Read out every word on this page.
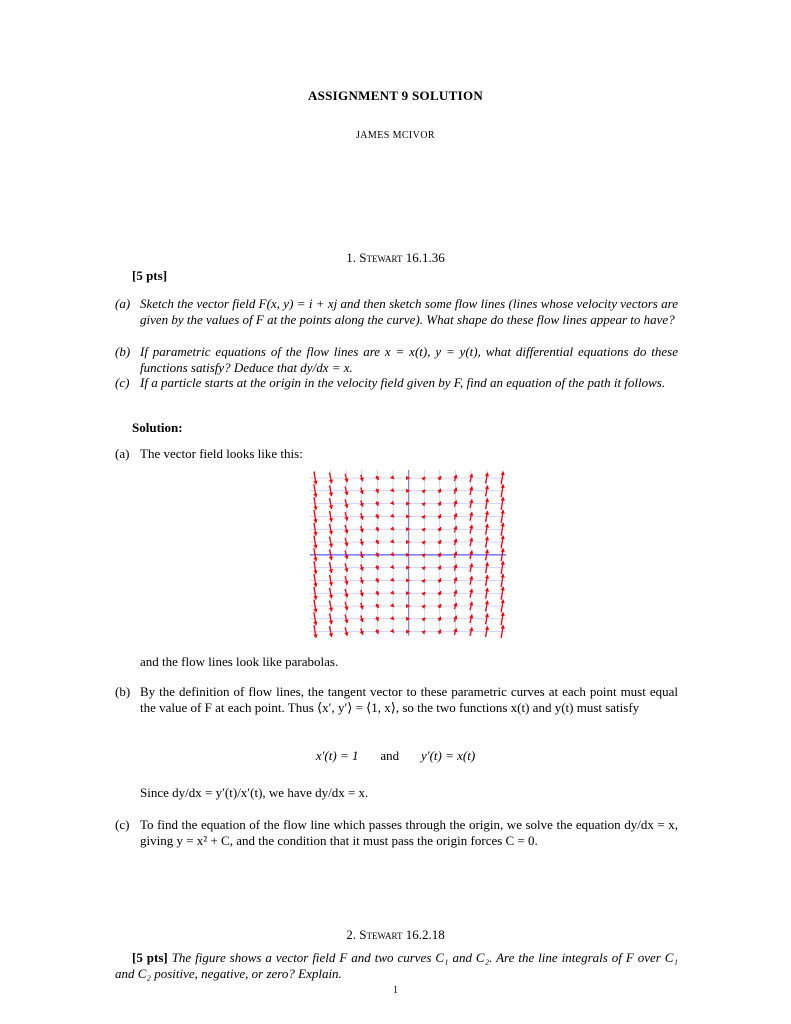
ASSIGNMENT 9 SOLUTION
JAMES MCIVOR
1. Stewart 16.1.36
[5 pts]
(a) Sketch the vector field F(x, y) = i + xj and then sketch some flow lines (lines whose velocity vectors are given by the values of F at the points along the curve). What shape do these flow lines appear to have?
(b) If parametric equations of the flow lines are x = x(t), y = y(t), what differential equations do these functions satisfy? Deduce that dy/dx = x.
(c) If a particle starts at the origin in the velocity field given by F, find an equation of the path it follows.
Solution:
(a) The vector field looks like this:
and the flow lines look like parabolas.
(b) By the definition of flow lines, the tangent vector to these parametric curves at each point must equal the value of F at each point. Thus ⟨x′, y′⟩ = ⟨1, x⟩, so the two functions x(t) and y(t) must satisfy
x′(t) = 1 and y′(t) = x(t)
Since dy/dx = y′(t)/x′(t), we have dy/dx = x.
(c) To find the equation of the flow line which passes through the origin, we solve the equation dy/dx = x, giving y = x² + C, and the condition that it must pass the origin forces C = 0.
2. Stewart 16.2.18
[5 pts] The figure shows a vector field F and two curves C₁ and C₂. Are the line integrals of F over C₁ and C₂ positive, negative, or zero? Explain.
1
